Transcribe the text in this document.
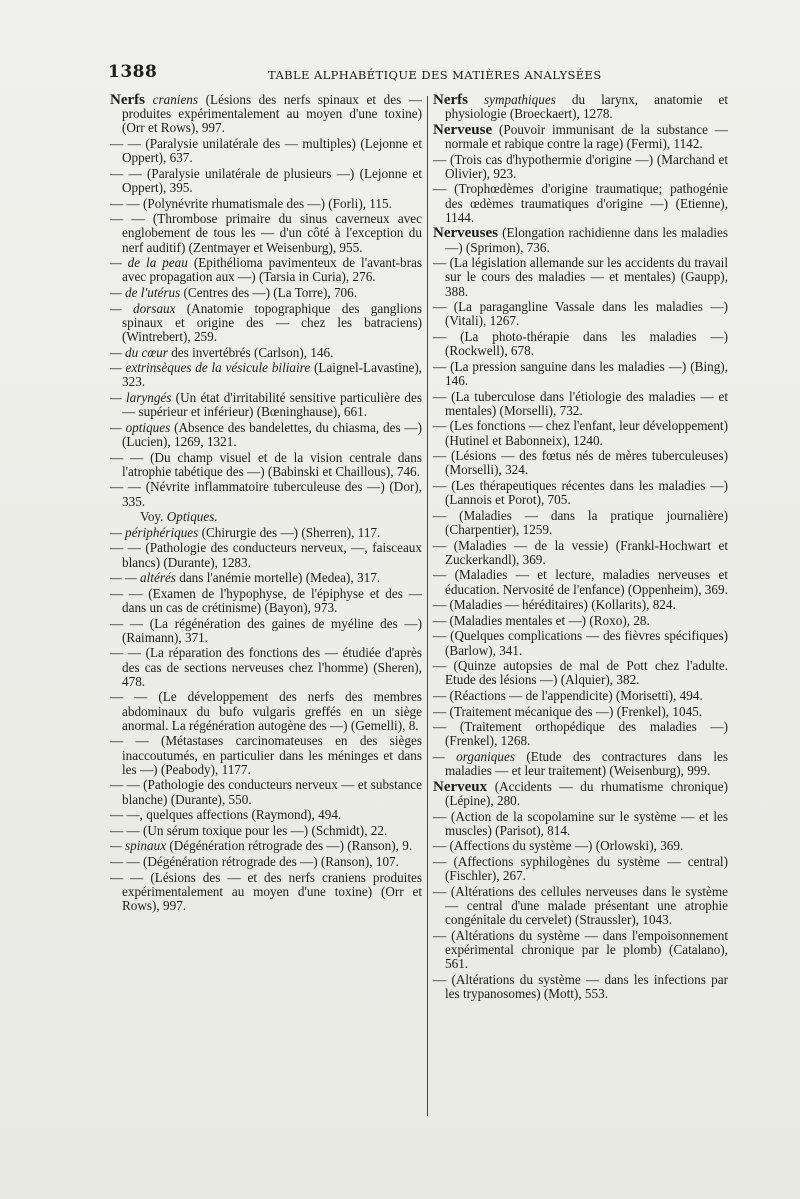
1388	TABLE ALPHABÉTIQUE DES MATIÈRES ANALYSÉES

Nerfs craniens (Lésions des nerfs spinaux et des — produites expérimentalement au moyen d'une toxine) (Orr et Rows), 997.

— — (Paralysie unilatérale des — multiples) (Lejonne et Oppert), 637.

— — (Paralysie unilatérale de plusieurs —) (Lejonne et Oppert), 395.

— — (Polynévrite rhumatismale des —) (Forli), 115.

— — (Thrombose primaire du sinus caverneux avec englobement de tous les — d'un côté à l'exception du nerf auditif) (Zentmayer et Weisenburg), 955.

— de la peau (Epithélioma pavimenteux de l'avant-bras avec propagation aux —) (Tarsia in Curia), 276.

— de l'utérus (Centres des —) (La Torre), 706.

— dorsaux (Anatomie topographique des ganglions spinaux et origine des — chez les batraciens) (Wintrebert), 259.

— du cœur des invertébrés (Carlson), 146.

— extrinsèques de la vésicule biliaire (Laignel-Lavastine), 323.

— laryngés (Un état d'irritabilité sensitive particulière des — supérieur et inférieur) (Bœninghause), 661.

— optiques (Absence des bandelettes, du chiasma, des —) (Lucien), 1269, 1321.

— — (Du champ visuel et de la vision centrale dans l'atrophie tabétique des —) (Babinski et Chaillous), 746.

— — (Névrite inflammatoire tuberculeuse des —) (Dor), 335.

Voy. Optiques.

— périphériques (Chirurgie des —) (Sherren), 117.

— — (Pathologie des conducteurs nerveux, —, faisceaux blancs) (Durante), 1283.

— — altérés dans l'anémie mortelle) (Medea), 317.

— — (Examen de l'hypophyse, de l'épiphyse et des — dans un cas de crétinisme) (Bayon), 973.

— — (La régénération des gaines de myéline des —) (Raimann), 371.

— — (La réparation des fonctions des — étudiée d'après des cas de sections nerveuses chez l'homme) (Sheren), 478.

— — (Le développement des nerfs des membres abdominaux du bufo vulgaris greffés en un siège anormal. La régénération autogène des —) (Gemelli), 8.

— — (Métastases carcinomateuses en des sièges inaccoutumés, en particulier dans les méninges et dans les —) (Peabody), 1177.

— — (Pathologie des conducteurs nerveux — et substance blanche) (Durante), 550.

— —, quelques affections (Raymond), 494.

— — (Un sérum toxique pour les —) (Schmidt), 22.

— spinaux (Dégénération rétrograde des —) (Ranson), 9.

— — (Dégénération rétrograde des —) (Ranson), 107.

— — (Lésions des — et des nerfs craniens produites expérimentalement au moyen d'une toxine) (Orr et Rows), 997.

Nerfs sympathiques du larynx, anatomie et physiologie (Broeckaert), 1278.

Nerveuse (Pouvoir immunisant de la substance — normale et rabique contre la rage) (Fermi), 1142.

— (Trois cas d'hypothermie d'origine —) (Marchand et Olivier), 923.

— (Trophœdèmes d'origine traumatique; pathogénie des œdèmes traumatiques d'origine —) (Etienne), 1144.

Nerveuses (Elongation rachidienne dans les maladies —) (Sprimon), 736.

— (La législation allemande sur les accidents du travail sur le cours des maladies — et mentales) (Gaupp), 388.

— (La paragangline Vassale dans les maladies —) (Vitali), 1267.

— (La photo-thérapie dans les maladies —) (Rockwell), 678.

— (La pression sanguine dans les maladies —) (Bing), 146.

— (La tuberculose dans l'étiologie des maladies — et mentales) (Morselli), 732.

— (Les fonctions — chez l'enfant, leur développement) (Hutinel et Babonneix), 1240.

— (Lésions — des fœtus nés de mères tuberculeuses) (Morselli), 324.

— (Les thérapeutiques récentes dans les maladies —) (Lannois et Porot), 705.

— (Maladies — dans la pratique journalière) (Charpentier), 1259.

— (Maladies — de la vessie) (Frankl-Hochwart et Zuckerkandl), 369.

— (Maladies — et lecture, maladies nerveuses et éducation. Nervosité de l'enfance) (Oppenheim), 369.

— (Maladies — héréditaires) (Kollarits), 824.

— (Maladies mentales et —) (Roxo), 28.

— (Quelques complications — des fièvres spécifiques) (Barlow), 341.

— (Quinze autopsies de mal de Pott chez l'adulte. Etude des lésions —) (Alquier), 382.

— (Réactions — de l'appendicite) (Morisetti), 494.

— (Traitement mécanique des —) (Frenkel), 1045.

— (Traitement orthopédique des maladies —) (Frenkel), 1268.

— organiques (Etude des contractures dans les maladies — et leur traitement) (Weisenburg), 999.

Nerveux (Accidents — du rhumatisme chronique) (Lépine), 280.

— (Action de la scopolamine sur le système — et les muscles) (Parisot), 814.

— (Affections du système —) (Orlowski), 369.

— (Affections syphilogènes du système — central) (Fischler), 267.

— (Altérations des cellules nerveuses dans le système — central d'une malade présentant une atrophie congénitale du cervelet) (Straussler), 1043.

— (Altérations du système — dans l'empoisonnement expérimental chronique par le plomb) (Catalano), 561.

— (Altérations du système — dans les infections par les trypanosomes) (Mott), 553.
